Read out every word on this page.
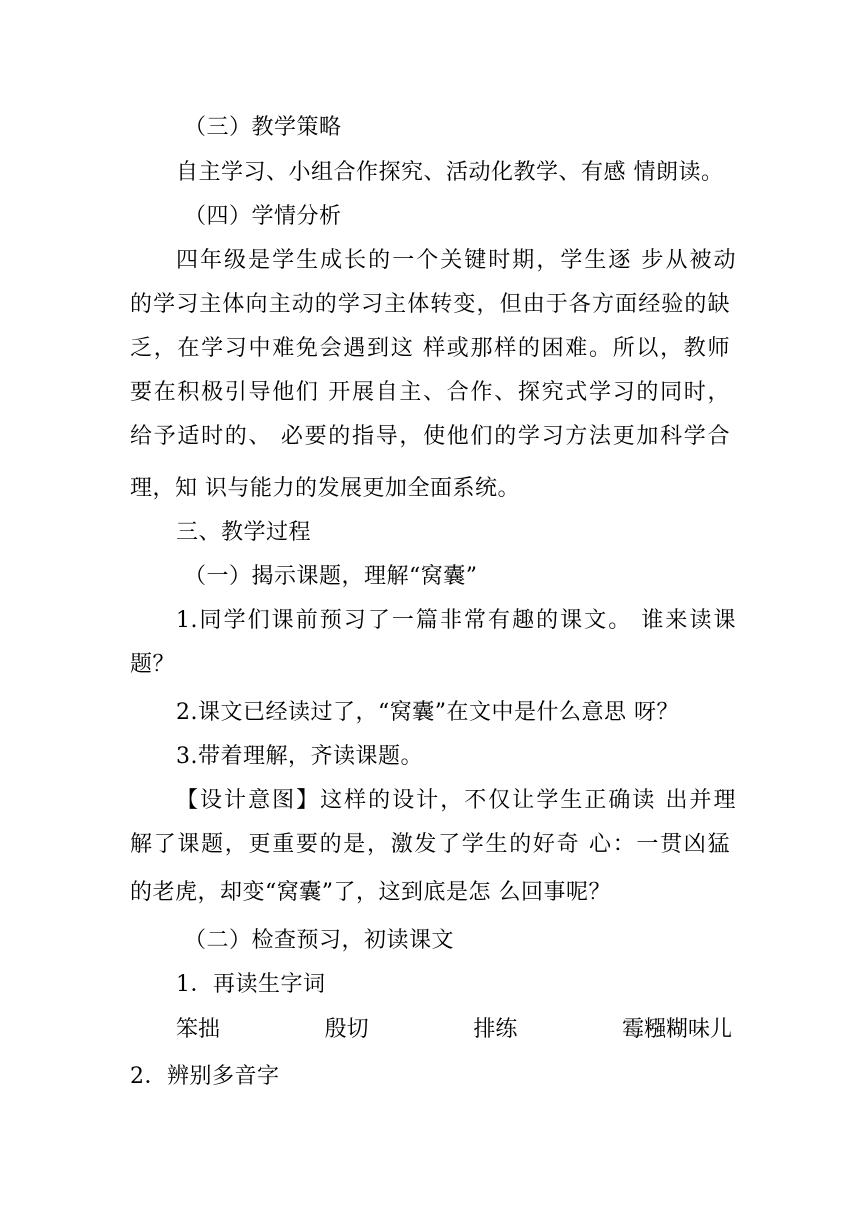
（三）教学策略
自主学习、小组合作探究、活动化教学、有感 情朗读。
（四）学情分析
四年级是学生成长的一个关键时期，学生逐 步从被动
的学习主体向主动的学习主体转变，但由于各方面经验的缺
乏，在学习中难免会遇到这 样或那样的困难。所以，教师
要在积极引导他们 开展自主、合作、探究式学习的同时，
给予适时的、 必要的指导，使他们的学习方法更加科学合
理，知 识与能力的发展更加全面系统。
三、教学过程
（一）揭示课题，理解“窝囊”
1.同学们课前预习了一篇非常有趣的课文。 谁来读课
题？
2.课文已经读过了，“窝囊”在文中是什么意思 呀？
3.带着理解，齐读课题。
【设计意图】这样的设计，不仅让学生正确读 出并理
解了课题，更重要的是，激发了学生的好奇 心：一贯凶猛
的老虎，却变“窝囊”了，这到底是怎 么回事呢？
（二）检查预习，初读课文
1．再读生字词
笨拙	殷切	排练	霉糨糊味儿
2．辨别多音字
